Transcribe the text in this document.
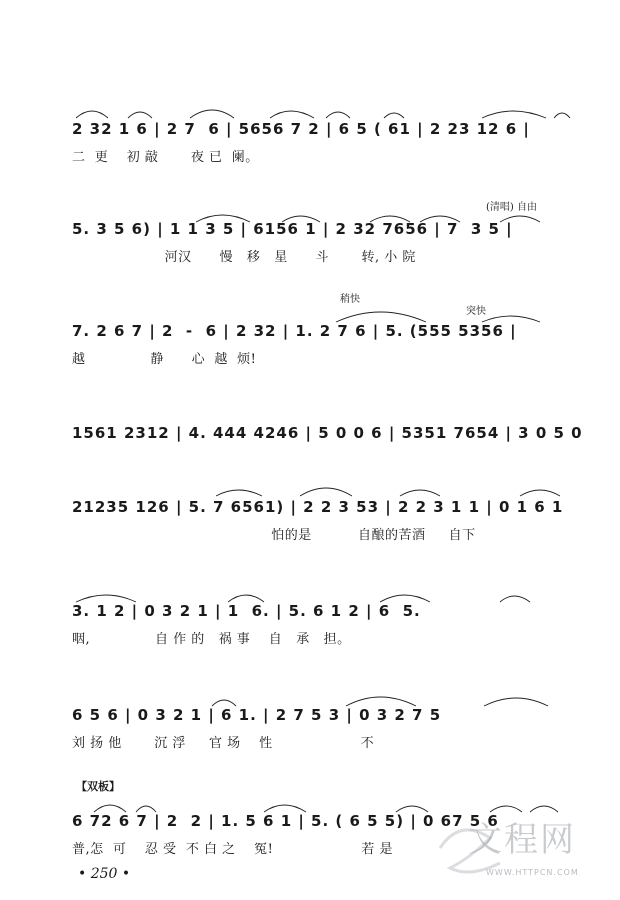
2 32 1 6 | 2 7  6 | 5656 7 2 | 6 5 ( 61 | 2 23 12 6 |
二  更    初 敲       夜 已  阑。
(清唱) 自由
5. 3 5 6) | 1 1 3 5 | 6156 1 | 2 32 7656 | 7  3 5 |
河汉      慢   移   星      斗       转, 小 院
稍快
突快
7. 2 6 7 | 2  -  6 | 2 32 | 1. 2 7 6 | 5. (555 5356 |
越              静      心  越  烦!
1561 2312 | 4. 444 4246 | 5 0 0 6 | 5351 7654 | 3 0 5 0
21235 126 | 5. 7 6561) | 2 2 3 53 | 2 2 3 1 1 | 0 1 6 1
怕的是          自酿的苦酒     自下
3. 1 2 | 0 3 2 1 | 1  6. | 5. 6 1 2 | 6  5.
咽,              自 作 的   祸 事    自   承   担。
6 5 6 | 0 3 2 1 | 6 1. | 2 7 5 3 | 0 3 2 7 5
刘 扬 他       沉 浮     官 场    性                   不
【双板】
6 72 6 7 | 2  2 | 1. 5 6 1 | 5. ( 6 5 5) | 0 67 5 6
普,怎  可    忍 受  不 白 之    冤!                   若 是
• 250 •
文程网
WWW.HTTPCN.COM
